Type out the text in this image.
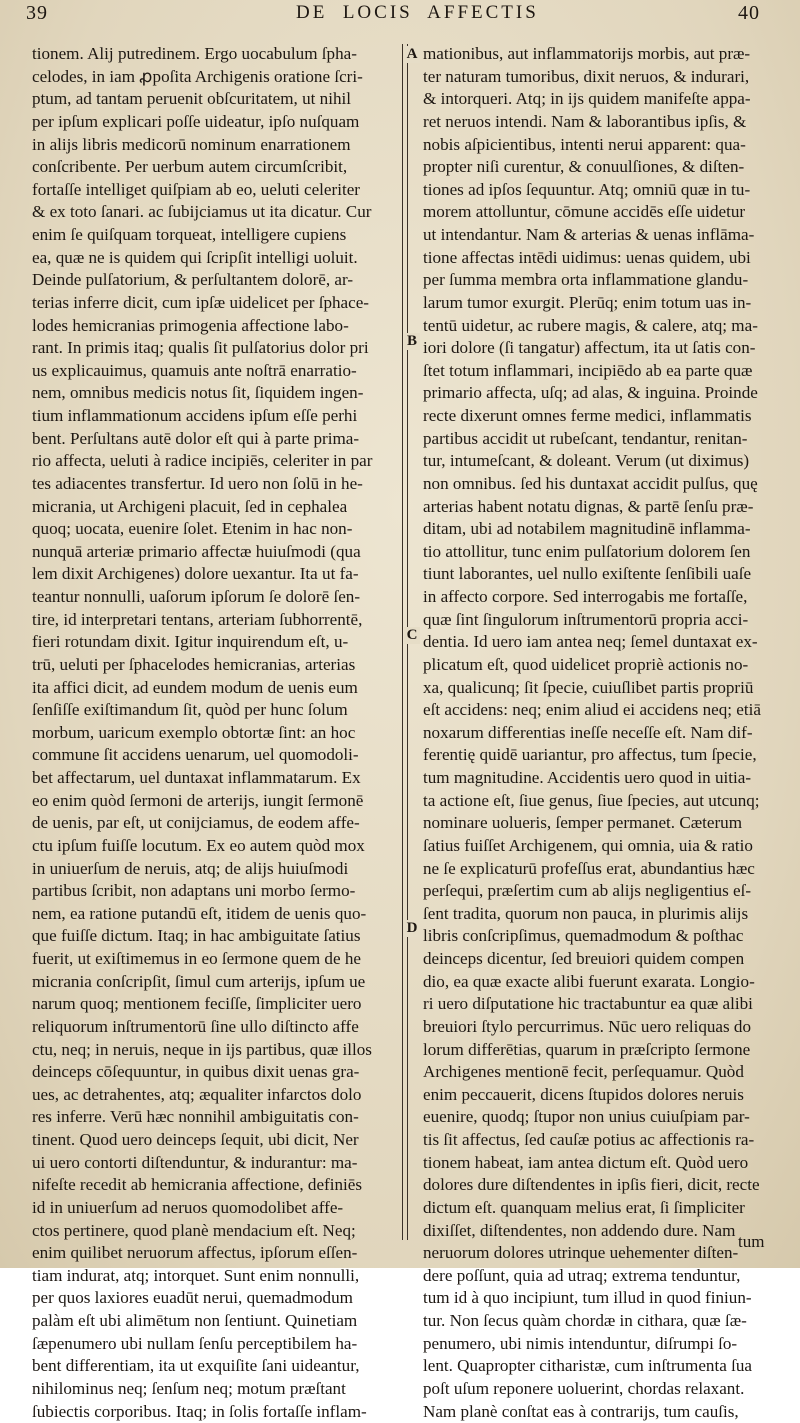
39	DE  LOCIS  AFFECTIS	40
tionem. Alij putredinem. Ergo uocabulum ſpha-
celodes, in iam ꝓpoſita Archigenis oratione ſcri-
ptum, ad tantam peruenit obſcuritatem, ut nihil
per ipſum explicari poſſe uideatur, ipſo nuſquam
in alijs libris medicorū nominum enarrationem
conſcribente. Per uerbum autem circumſcribit,
fortaſſe intelliget quiſpiam ab eo, ueluti celeriter
& ex toto ſanari. ac ſubijciamus ut ita dicatur. Cur
enim ſe quiſquam torqueat, intelligere cupiens
ea, quæ ne is quidem qui ſcripſit intelligi uoluit.
Deinde pulſatorium, & perſultantem dolorē, ar-
terias inferre dicit, cum ipſæ uidelicet per ſphace-
lodes hemicranias primogenia affectione labo-
rant. In primis itaq; qualis ſit pulſatorius dolor pri
us explicauimus, quamuis ante noſtrā enarratio-
nem, omnibus medicis notus ſit, ſiquidem ingen-
tium inflammationum accidens ipſum eſſe perhi
bent. Perſultans autē dolor eſt qui à parte prima-
rio affecta, ueluti à radice incipiēs, celeriter in par
tes adiacentes transfertur. Id uero non ſolū in he-
micrania, ut Archigeni placuit, ſed in cephalea
quoq; uocata, euenire ſolet. Etenim in hac non-
nunquā arteriæ primario affectæ huiuſmodi (qua
lem dixit Archigenes) dolore uexantur. Ita ut fa-
teantur nonnulli, uaſorum ipſorum ſe dolorē ſen-
tire, id interpretari tentans, arteriam ſubhorrentē,
fieri rotundam dixit. Igitur inquirendum eſt, u-
trū, ueluti per ſphacelodes hemicranias, arterias
ita affici dicit, ad eundem modum de uenis eum
ſenſiſſe exiſtimandum ſit, quòd per hunc ſolum
morbum, uaricum exemplo obtortæ ſint: an hoc
commune ſit accidens uenarum, uel quomodoli-
bet affectarum, uel duntaxat inflammatarum. Ex
eo enim quòd ſermoni de arterijs, iungit ſermonē
de uenis, par eſt, ut conijciamus, de eodem affe-
ctu ipſum fuiſſe locutum. Ex eo autem quòd mox
in uniuerſum de neruis, atq; de alijs huiuſmodi
partibus ſcribit, non adaptans uni morbo ſermo-
nem, ea ratione putandū eſt, itidem de uenis quo-
que fuiſſe dictum. Itaq; in hac ambiguitate ſatius
fuerit, ut exiſtimemus in eo ſermone quem de he
micrania conſcripſit, ſimul cum arterijs, ipſum ue
narum quoq; mentionem feciſſe, ſimpliciter uero
reliquorum inſtrumentorū ſine ullo diſtincto affe
ctu, neq; in neruis, neque in ijs partibus, quæ illos
deinceps cōſequuntur, in quibus dixit uenas gra-
ues, ac detrahentes, atq; æqualiter infarctos dolo
res inferre. Verū hæc nonnihil ambiguitatis con-
tinent. Quod uero deinceps ſequit, ubi dicit, Ner
ui uero contorti diſtenduntur, & indurantur: ma-
nifeſte recedit ab hemicrania affectione, definiēs
id in uniuerſum ad neruos quomodolibet affe-
ctos pertinere, quod planè mendacium eſt. Neq;
enim quilibet neruorum affectus, ipſorum eſſen-
tiam indurat, atq; intorquet. Sunt enim nonnulli,
per quos laxiores euadūt nerui, quemadmodum
palàm eſt ubi alimētum non ſentiunt. Quinetiam
ſæpenumero ubi nullam ſenſu perceptibilem ha-
bent differentiam, ita ut exquiſite ſani uideantur,
nihilominus neq; ſenſum neq; motum præſtant
ſubiectis corporibus. Itaq; in ſolis fortaſſe inflam-
A
B
C
D
mationibus, aut inflammatorijs morbis, aut præ-
ter naturam tumoribus, dixit neruos, & indurari,
& intorqueri. Atq; in ijs quidem manifeſte appa-
ret neruos intendi. Nam & laborantibus ipſis, &
nobis aſpicientibus, intenti nerui apparent: qua-
propter niſi curentur, & conuulſiones, & diſten-
tiones ad ipſos ſequuntur. Atq; omniū quæ in tu-
morem attolluntur, cōmune accidēs eſſe uidetur
ut intendantur. Nam & arterias & uenas inflāma-
tione affectas intēdi uidimus: uenas quidem, ubi
per ſumma membra orta inflammatione glandu-
larum tumor exurgit. Plerūq; enim totum uas in-
tentū uidetur, ac rubere magis, & calere, atq; ma-
iori dolore (ſi tangatur) affectum, ita ut ſatis con-
ſtet totum inflammari, incipiēdo ab ea parte quæ
primario affecta, uſq; ad alas, & inguina. Proinde
recte dixerunt omnes ferme medici, inflammatis
partibus accidit ut rubeſcant, tendantur, renitan-
tur, intumeſcant, & doleant. Verum (ut diximus)
non omnibus. ſed his duntaxat accidit pulſus, quę
arterias habent notatu dignas, & partē ſenſu præ-
ditam, ubi ad notabilem magnitudinē inflamma-
tio attollitur, tunc enim pulſatorium dolorem ſen
tiunt laborantes, uel nullo exiſtente ſenſibili uaſe
in affecto corpore. Sed interrogabis me fortaſſe,
quæ ſint ſingulorum inſtrumentorū propria acci-
dentia. Id uero iam antea neq; ſemel duntaxat ex-
plicatum eſt, quod uidelicet propriè actionis no-
xa, qualicunq; ſit ſpecie, cuiuſlibet partis propriū
eſt accidens: neq; enim aliud ei accidens neq; etiā
noxarum differentias ineſſe neceſſe eſt. Nam dif-
ferentię quidē uariantur, pro affectus, tum ſpecie,
tum magnitudine. Accidentis uero quod in uitia-
ta actione eſt, ſiue genus, ſiue ſpecies, aut utcunq;
nominare uolueris, ſemper permanet. Cæterum
ſatius fuiſſet Archigenem, qui omnia, uia & ratio
ne ſe explicaturū profeſſus erat, abundantius hæc
perſequi, præſertim cum ab alijs negligentius eſ-
ſent tradita, quorum non pauca, in plurimis alijs
libris conſcripſimus, quemadmodum & poſthac
deinceps dicentur, ſed breuiori quidem compen
dio, ea quæ exacte alibi fuerunt exarata. Longio-
ri uero diſputatione hic tractabuntur ea quæ alibi
breuiori ſtylo percurrimus. Nūc uero reliquas do
lorum differētias, quarum in præſcripto ſermone
Archigenes mentionē fecit, perſequamur. Quòd
enim peccauerit, dicens ſtupidos dolores neruis
euenire, quodq; ſtupor non unius cuiuſpiam par-
tis ſit affectus, ſed cauſæ potius ac affectionis ra-
tionem habeat, iam antea dictum eſt. Quòd uero
dolores dure diſtendentes in ipſis fieri, dicit, recte
dictum eſt. quanquam melius erat, ſi ſimpliciter
dixiſſet, diſtendentes, non addendo dure. Nam
neruorum dolores utrinque uehementer diſten-
dere poſſunt, quia ad utraq; extrema tenduntur,
tum id à quo incipiunt, tum illud in quod finiun-
tur. Non ſecus quàm chordæ in cithara, quæ ſæ-
penumero, ubi nimis intenduntur, diſrumpi ſo-
lent. Quapropter citharistæ, cum inſtrumenta ſua
poſt uſum reponere uoluerint, chordas relaxant.
Nam planè conſtat eas à contrarijs, tum cauſis,
tum
